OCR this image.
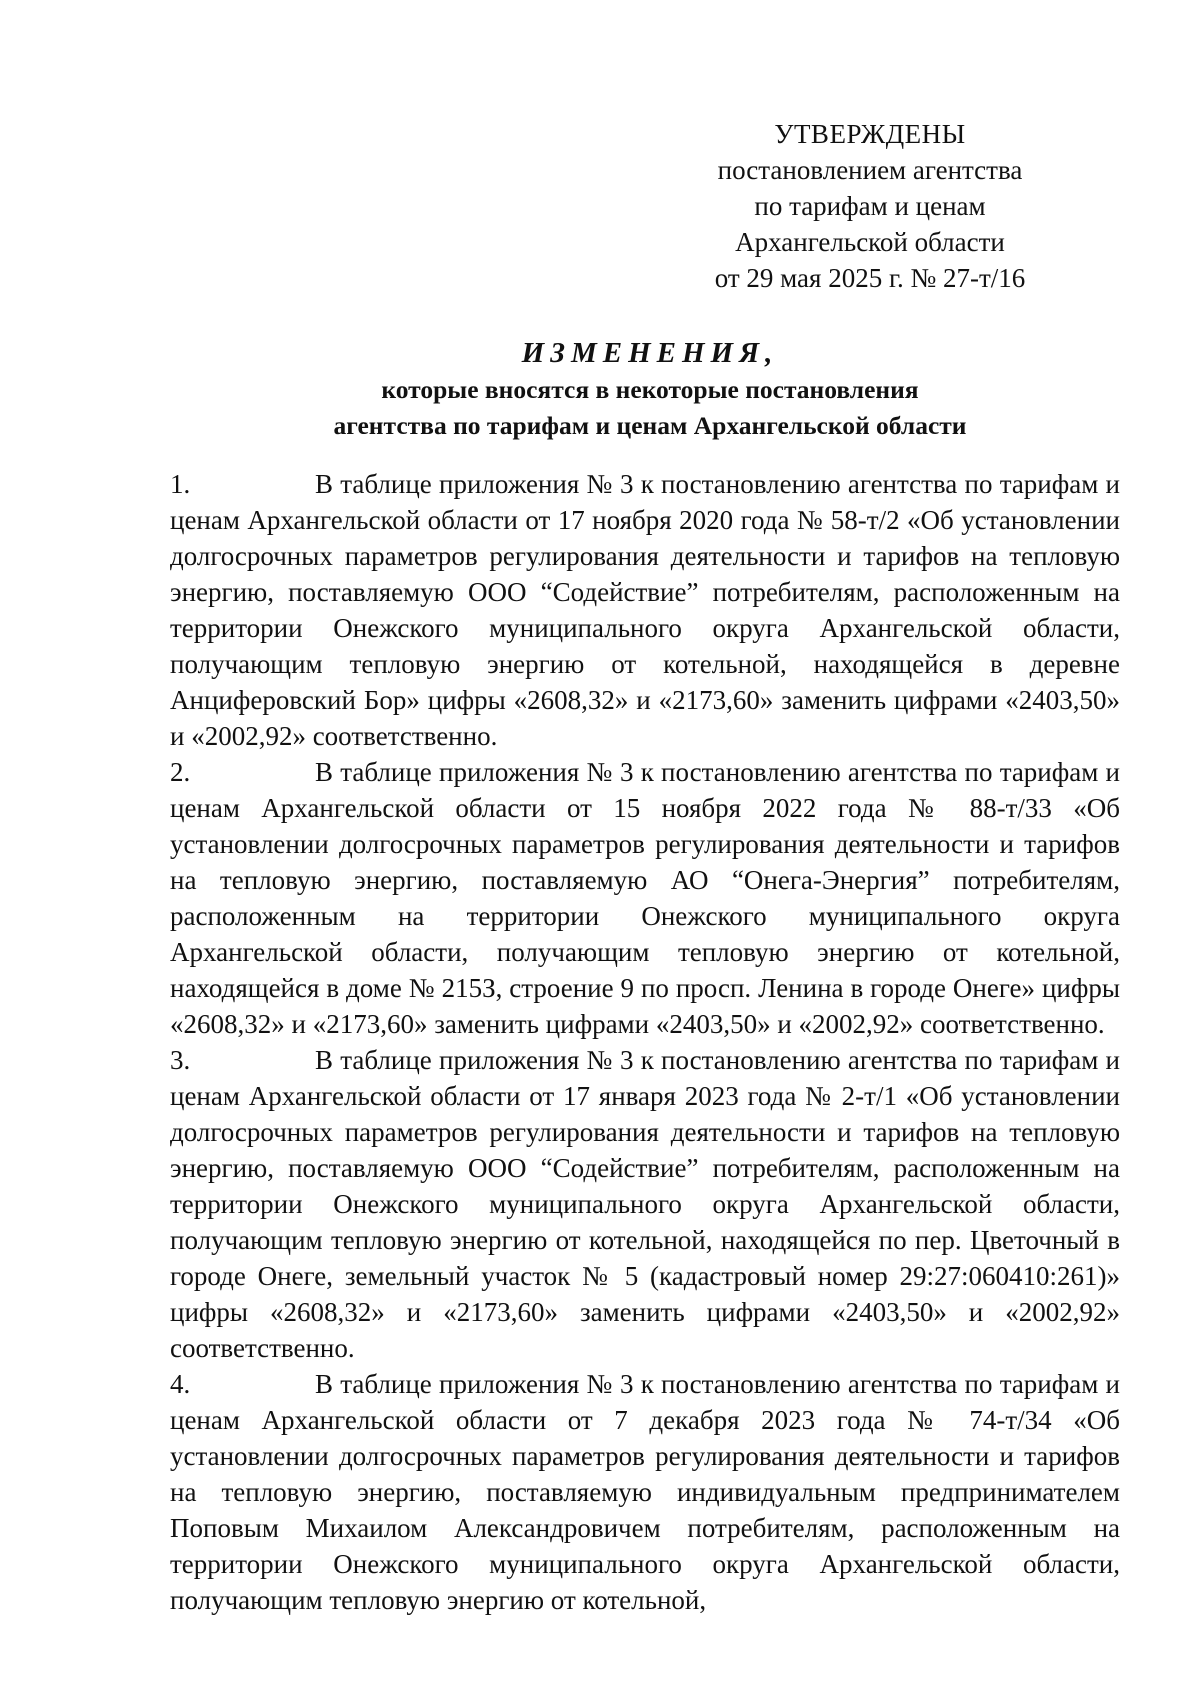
УТВЕРЖДЕНЫ
постановлением агентства
по тарифам и ценам
Архангельской области
от 29 мая 2025 г. № 27-т/16
ИЗМЕНЕНИЯ,
которые вносятся в некоторые постановления
агентства по тарифам и ценам Архангельской области

1.	В таблице приложения № 3 к постановлению агентства по тарифам и ценам Архангельской области от 17 ноября 2020 года № 58-т/2 «Об установлении долгосрочных параметров регулирования деятельности и тарифов на тепловую энергию, поставляемую ООО “Содействие” потребителям, расположенным на территории Онежского муниципального округа Архангельской области, получающим тепловую энергию от котельной, находящейся в деревне Анциферовский Бор» цифры «2608,32» и «2173,60» заменить цифрами «2403,50» и «2002,92» соответственно.

2.	В таблице приложения № 3 к постановлению агентства по тарифам и ценам Архангельской области от 15 ноября 2022 года № 88-т/33 «Об установлении долгосрочных параметров регулирования деятельности и тарифов на тепловую энергию, поставляемую АО “Онега-Энергия” потребителям, расположенным на территории Онежского муниципального округа Архангельской области, получающим тепловую энергию от котельной, находящейся в доме № 215З, строение 9 по просп. Ленина в городе Онеге» цифры «2608,32» и «2173,60» заменить цифрами «2403,50» и «2002,92» соответственно.

3.	В таблице приложения № 3 к постановлению агентства по тарифам и ценам Архангельской области от 17 января 2023 года № 2-т/1 «Об установлении долгосрочных параметров регулирования деятельности и тарифов на тепловую энергию, поставляемую ООО “Содействие” потребителям, расположенным на территории Онежского муниципального округа Архангельской области, получающим тепловую энергию от котельной, находящейся по пер. Цветочный в городе Онеге, земельный участок № 5 (кадастровый номер 29:27:060410:261)» цифры «2608,32» и «2173,60» заменить цифрами «2403,50» и «2002,92» соответственно.

4.	В таблице приложения № 3 к постановлению агентства по тарифам и ценам Архангельской области от 7 декабря 2023 года № 74-т/34 «Об установлении долгосрочных параметров регулирования деятельности и тарифов на тепловую энергию, поставляемую индивидуальным предпринимателем Поповым Михаилом Александровичем потребителям, расположенным на территории Онежского муниципального округа Архангельской области, получающим тепловую энергию от котельной,
